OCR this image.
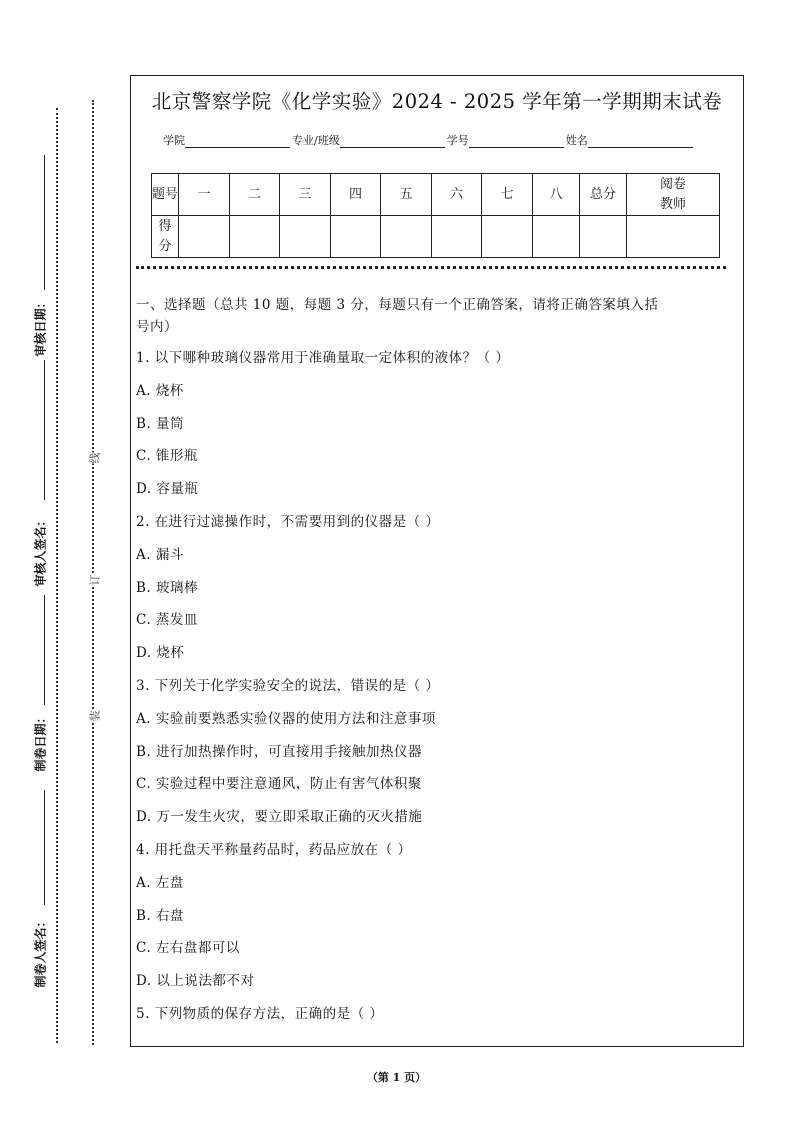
线
订
装
审核日期：
审核人签名：
制卷日期：
制卷人签名：
北京警察学院《化学实验》2024 - 2025 学年第一学期期末试卷
学院	专业/班级	学号	姓名
题号	一	二	三	四	五	六	七	八	总分	阅卷教师
得分										
一、选择题（总共 10 题，每题 3 分，每题只有一个正确答案，请将正确答案填入括
号内）
1. 以下哪种玻璃仪器常用于准确量取一定体积的液体？（ ）
A. 烧杯
B. 量筒
C. 锥形瓶
D. 容量瓶
2. 在进行过滤操作时，不需要用到的仪器是（ ）
A. 漏斗
B. 玻璃棒
C. 蒸发皿
D. 烧杯
3. 下列关于化学实验安全的说法，错误的是（ ）
A. 实验前要熟悉实验仪器的使用方法和注意事项
B. 进行加热操作时，可直接用手接触加热仪器
C. 实验过程中要注意通风，防止有害气体积聚
D. 万一发生火灾，要立即采取正确的灭火措施
4. 用托盘天平称量药品时，药品应放在（ ）
A. 左盘
B. 右盘
C. 左右盘都可以
D. 以上说法都不对
5. 下列物质的保存方法，正确的是（ ）
（第 1 页）
